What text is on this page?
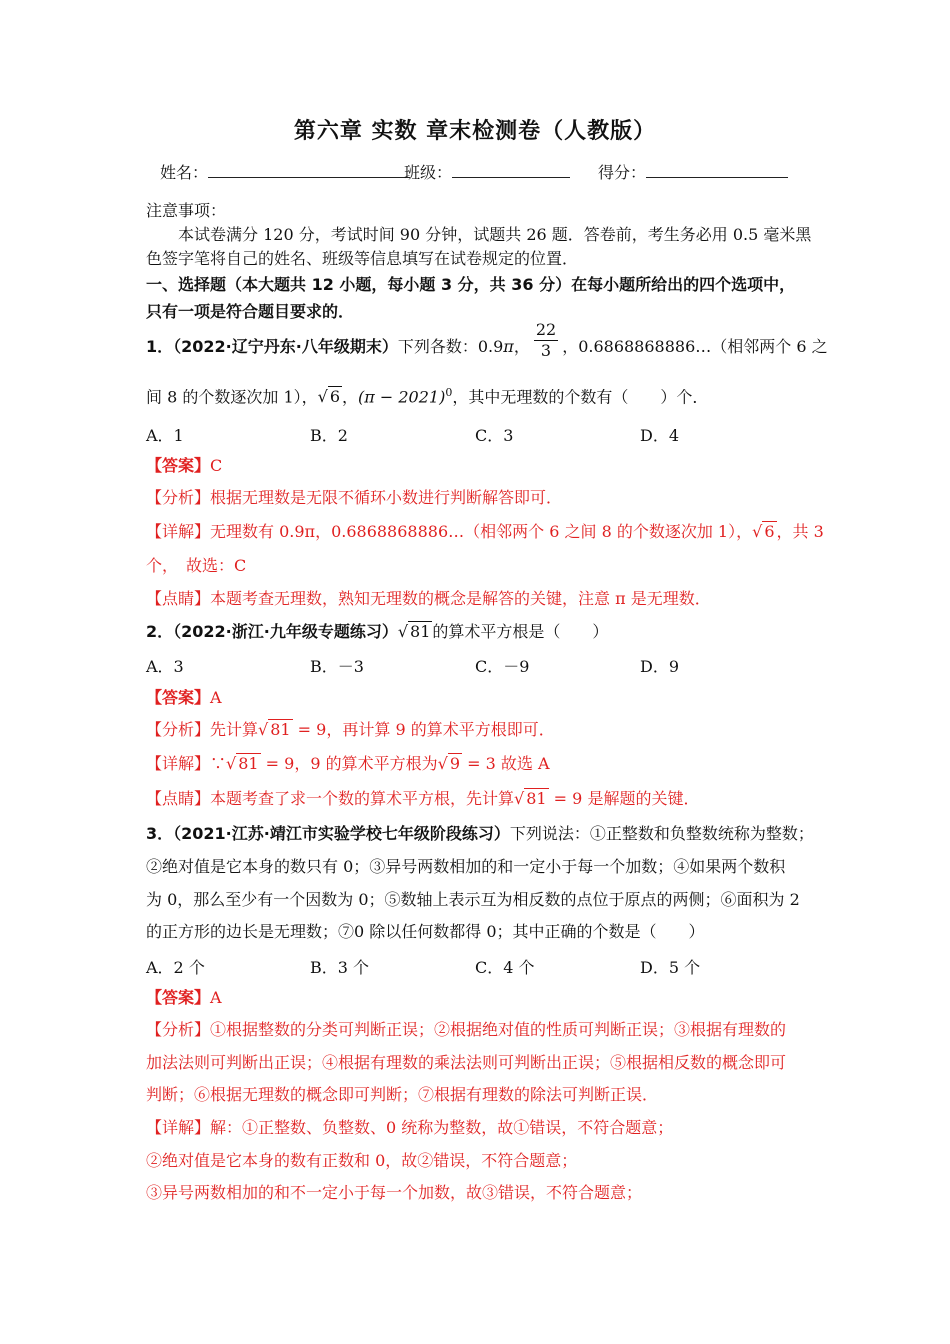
第六章 实数 章末检测卷（人教版）
姓名：	班级：	得分：
注意事项：
本试卷满分 120 分，考试时间 90 分钟，试题共 26 题．答卷前，考生务必用 0.5 毫米黑
色签字笔将自己的姓名、班级等信息填写在试卷规定的位置．
一、选择题（本大题共 12 小题，每小题 3 分，共 36 分）在每小题所给出的四个选项中，
只有一项是符合题目要求的．
1．（2022·辽宁丹东·八年级期末）下列各数：0.9π， $\frac{22}{3}$ ，0.6868868886…（相邻两个 6 之
间 8 的个数逐次加 1），√ 6 ，$(\pi - 2021)^0$，其中无理数的个数有（　　）个．
A．1	B．2	C．3	D．4
【答案】C
【分析】根据无理数是无限不循环小数进行判断解答即可．
【详解】无理数有 0.9π，0.6868868886…（相邻两个 6 之间 8 的个数逐次加 1），√ 6 ，共 3
个，　故选：C
【点睛】本题考查无理数，熟知无理数的概念是解答的关键，注意 π 是无理数．
2．（2022·浙江·九年级专题练习）√ 81 的算术平方根是（　　）
A．3	B．－3	C．－9	D．9
【答案】A
【分析】先计算√ 81 = 9，再计算 9 的算术平方根即可．
【详解】∵√ 81 = 9，9 的算术平方根为√ 9 = 3 故选 A
【点睛】本题考查了求一个数的算术平方根，先计算√ 81 = 9 是解题的关键．
3．（2021·江苏·靖江市实验学校七年级阶段练习）下列说法：①正整数和负整数统称为整数；
②绝对值是它本身的数只有 0；③异号两数相加的和一定小于每一个加数；④如果两个数积
为 0，那么至少有一个因数为 0；⑤数轴上表示互为相反数的点位于原点的两侧；⑥面积为 2
的正方形的边长是无理数；⑦0 除以任何数都得 0；其中正确的个数是（　　）
A．2 个	B．3 个	C．4 个	D．5 个
【答案】A
【分析】①根据整数的分类可判断正误；②根据绝对值的性质可判断正误；③根据有理数的
加法法则可判断出正误；④根据有理数的乘法法则可判断出正误；⑤根据相反数的概念即可
判断；⑥根据无理数的概念即可判断；⑦根据有理数的除法可判断正误．
【详解】解：①正整数、负整数、0 统称为整数，故①错误，不符合题意；
②绝对值是它本身的数有正数和 0，故②错误，不符合题意；
③异号两数相加的和不一定小于每一个加数，故③错误，不符合题意；
